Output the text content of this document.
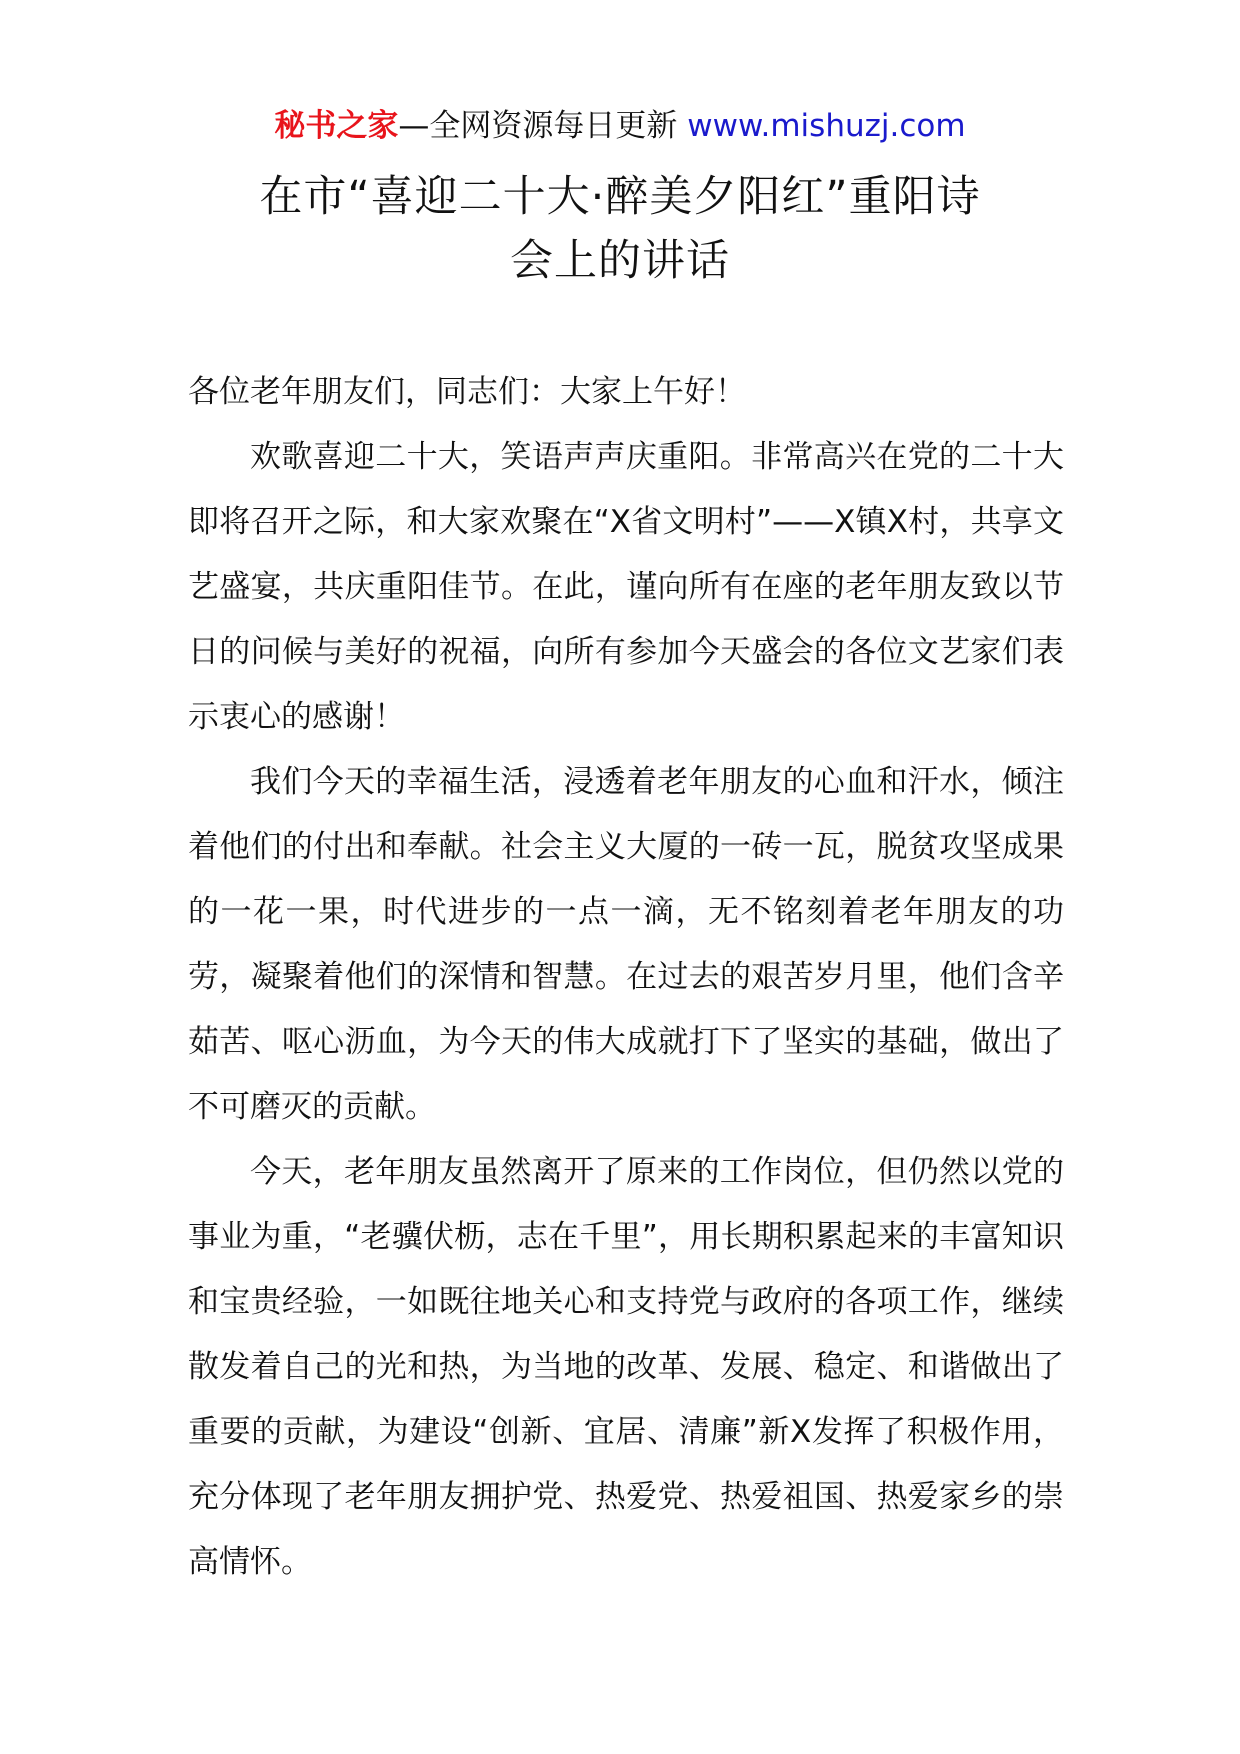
秘书之家—全网资源每日更新 www.mishuzj.com
在市“喜迎二十大·醉美夕阳红”重阳诗
会上的讲话

各位老年朋友们，同志们：大家上午好！

欢歌喜迎二十大，笑语声声庆重阳。非常高兴在党的二十大即将召开之际，和大家欢聚在“X省文明村”——X镇X村，共享文艺盛宴，共庆重阳佳节。在此，谨向所有在座的老年朋友致以节日的问候与美好的祝福，向所有参加今天盛会的各位文艺家们表示衷心的感谢！

我们今天的幸福生活，浸透着老年朋友的心血和汗水，倾注着他们的付出和奉献。社会主义大厦的一砖一瓦，脱贫攻坚成果的一花一果，时代进步的一点一滴，无不铭刻着老年朋友的功劳，凝聚着他们的深情和智慧。在过去的艰苦岁月里，他们含辛茹苦、呕心沥血，为今天的伟大成就打下了坚实的基础，做出了不可磨灭的贡献。

今天，老年朋友虽然离开了原来的工作岗位，但仍然以党的事业为重，“老骥伏枥，志在千里”，用长期积累起来的丰富知识和宝贵经验，一如既往地关心和支持党与政府的各项工作，继续散发着自己的光和热，为当地的改革、发展、稳定、和谐做出了重要的贡献，为建设“创新、宜居、清廉”新X发挥了积极作用，充分体现了老年朋友拥护党、热爱党、热爱祖国、热爱家乡的崇高情怀。
